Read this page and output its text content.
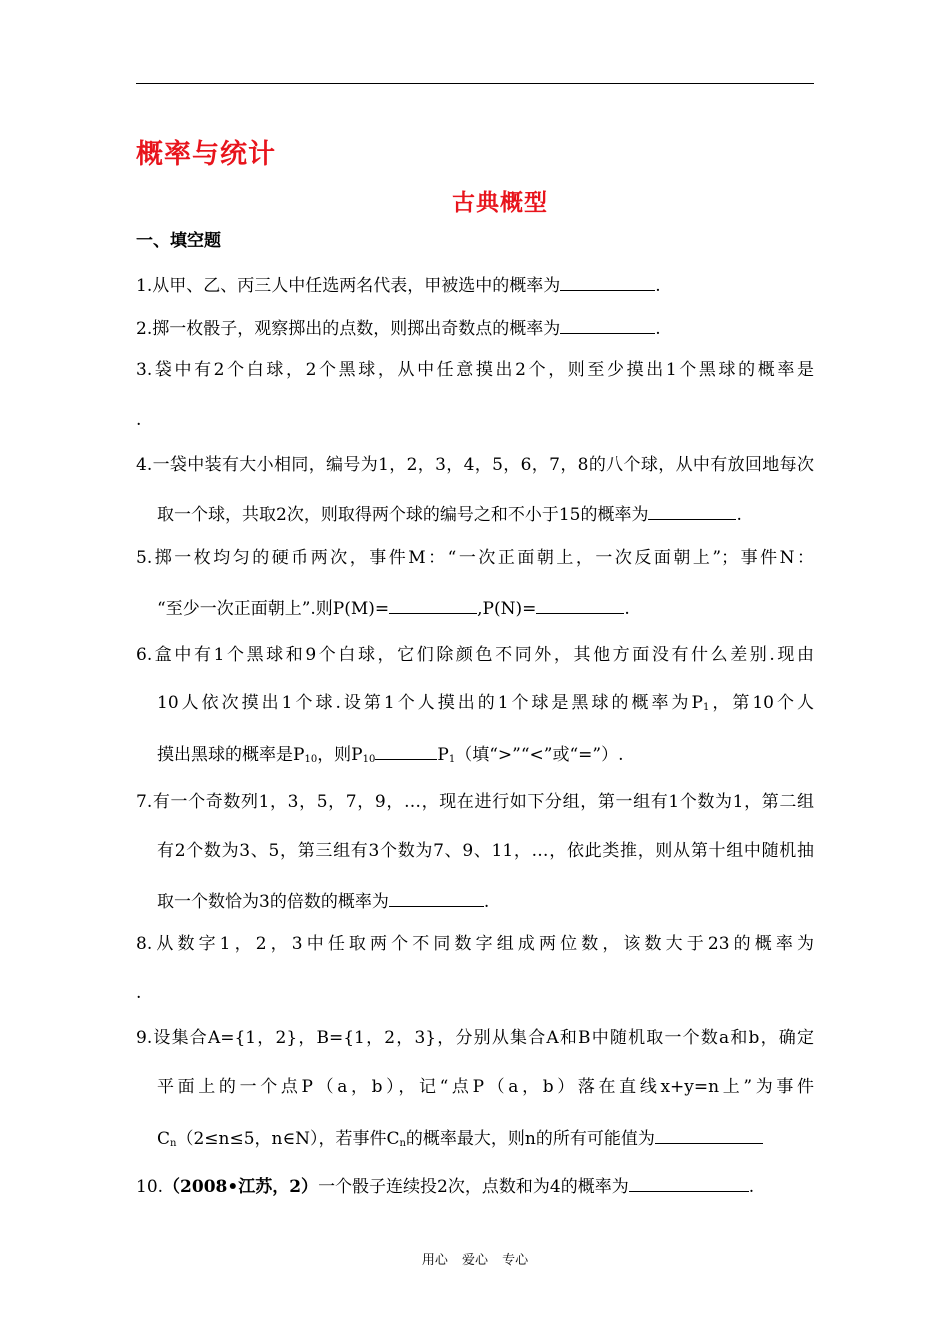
概率与统计
古典概型
一、填空题
1.从甲、乙、丙三人中任选两名代表，甲被选中的概率为	.
2.掷一枚骰子，观察掷出的点数，则掷出奇数点的概率为	.
3.袋中有2个白球，2个黑球，从中任意摸出2个，则至少摸出1个黑球的概率是
.
4.一袋中装有大小相同，编号为1，2，3，4，5，6，7，8的八个球，从中有放回地每次
取一个球，共取2次，则取得两个球的编号之和不小于15的概率为	.
5.掷一枚均匀的硬币两次，事件M：“一次正面朝上，一次反面朝上”；事件N：
“至少一次正面朝上”.则P(M)=	,P(N)=	.
6.盒中有1个黑球和9个白球，它们除颜色不同外，其他方面没有什么差别.现由
10人依次摸出1个球.设第1个人摸出的1个球是黑球的概率为$P_1$，第10个人
摸出黑球的概率是$P_{10}$，则$P_{10}$	$P_1$（填“>”“<”或“=”）.
7.有一个奇数列1，3，5，7，9，…，现在进行如下分组，第一组有1个数为1，第二组
有2个数为3、5，第三组有3个数为7、9、11，…，依此类推，则从第十组中随机抽
取一个数恰为3的倍数的概率为	.
8.从数字1，2，3中任取两个不同数字组成两位数，该数大于23的概率为
.
9.设集合A={1，2}，B={1，2，3}，分别从集合A和B中随机取一个数a和b，确定
平面上的一个点P（a，b），记“点P（a，b）落在直线x+y=n上”为事件
$C_n(2\le n\le 5$，n∈N），若事件$C_n$的概率最大，则n的所有可能值为
10.（2008•江苏，2）一个骰子连续投2次，点数和为4的概率为	.
用心 爱心 专心
